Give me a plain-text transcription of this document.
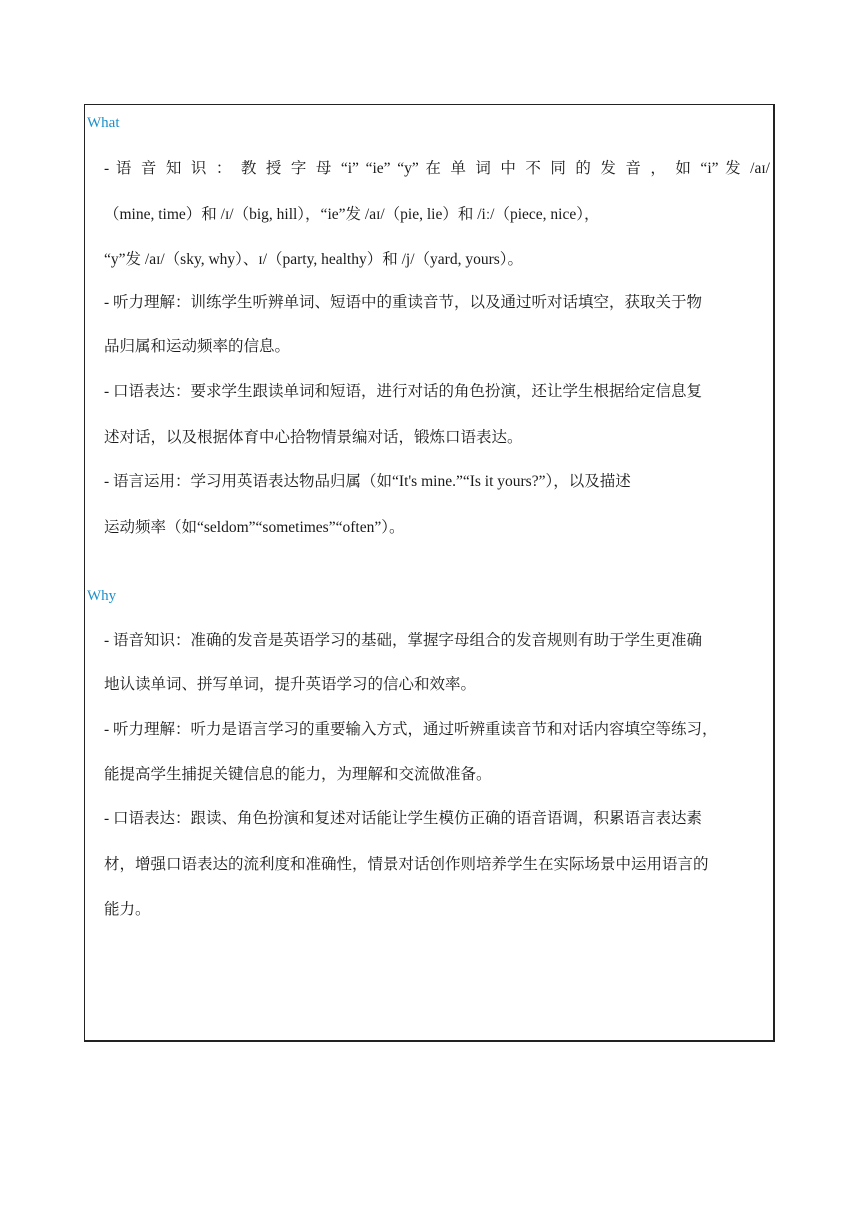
What
- 语 音 知 识 ： 教 授 字 母 “i” “ie” “y” 在 单 词 中 不 同 的 发 音 ， 如 “i” 发 /aɪ/
（mine, time）和 /ɪ/（big, hill），“ie”发 /aɪ/（pie, lie）和 /iː/（piece, nice），
“y”发 /aɪ/（sky, why）、ɪ/（party, healthy）和 /j/（yard, yours）。
- 听力理解：训练学生听辨单词、短语中的重读音节，以及通过听对话填空，获取关于物
品归属和运动频率的信息。
- 口语表达：要求学生跟读单词和短语，进行对话的角色扮演，还让学生根据给定信息复
述对话，以及根据体育中心拾物情景编对话，锻炼口语表达。
- 语言运用：学习用英语表达物品归属（如“It's mine.”“Is it yours?”），以及描述
运动频率（如“seldom”“sometimes”“often”）。
Why
- 语音知识：准确的发音是英语学习的基础，掌握字母组合的发音规则有助于学生更准确
地认读单词、拼写单词，提升英语学习的信心和效率。
- 听力理解：听力是语言学习的重要输入方式，通过听辨重读音节和对话内容填空等练习，
能提高学生捕捉关键信息的能力，为理解和交流做准备。
- 口语表达：跟读、角色扮演和复述对话能让学生模仿正确的语音语调，积累语言表达素
材，增强口语表达的流利度和准确性，情景对话创作则培养学生在实际场景中运用语言的
能力。
